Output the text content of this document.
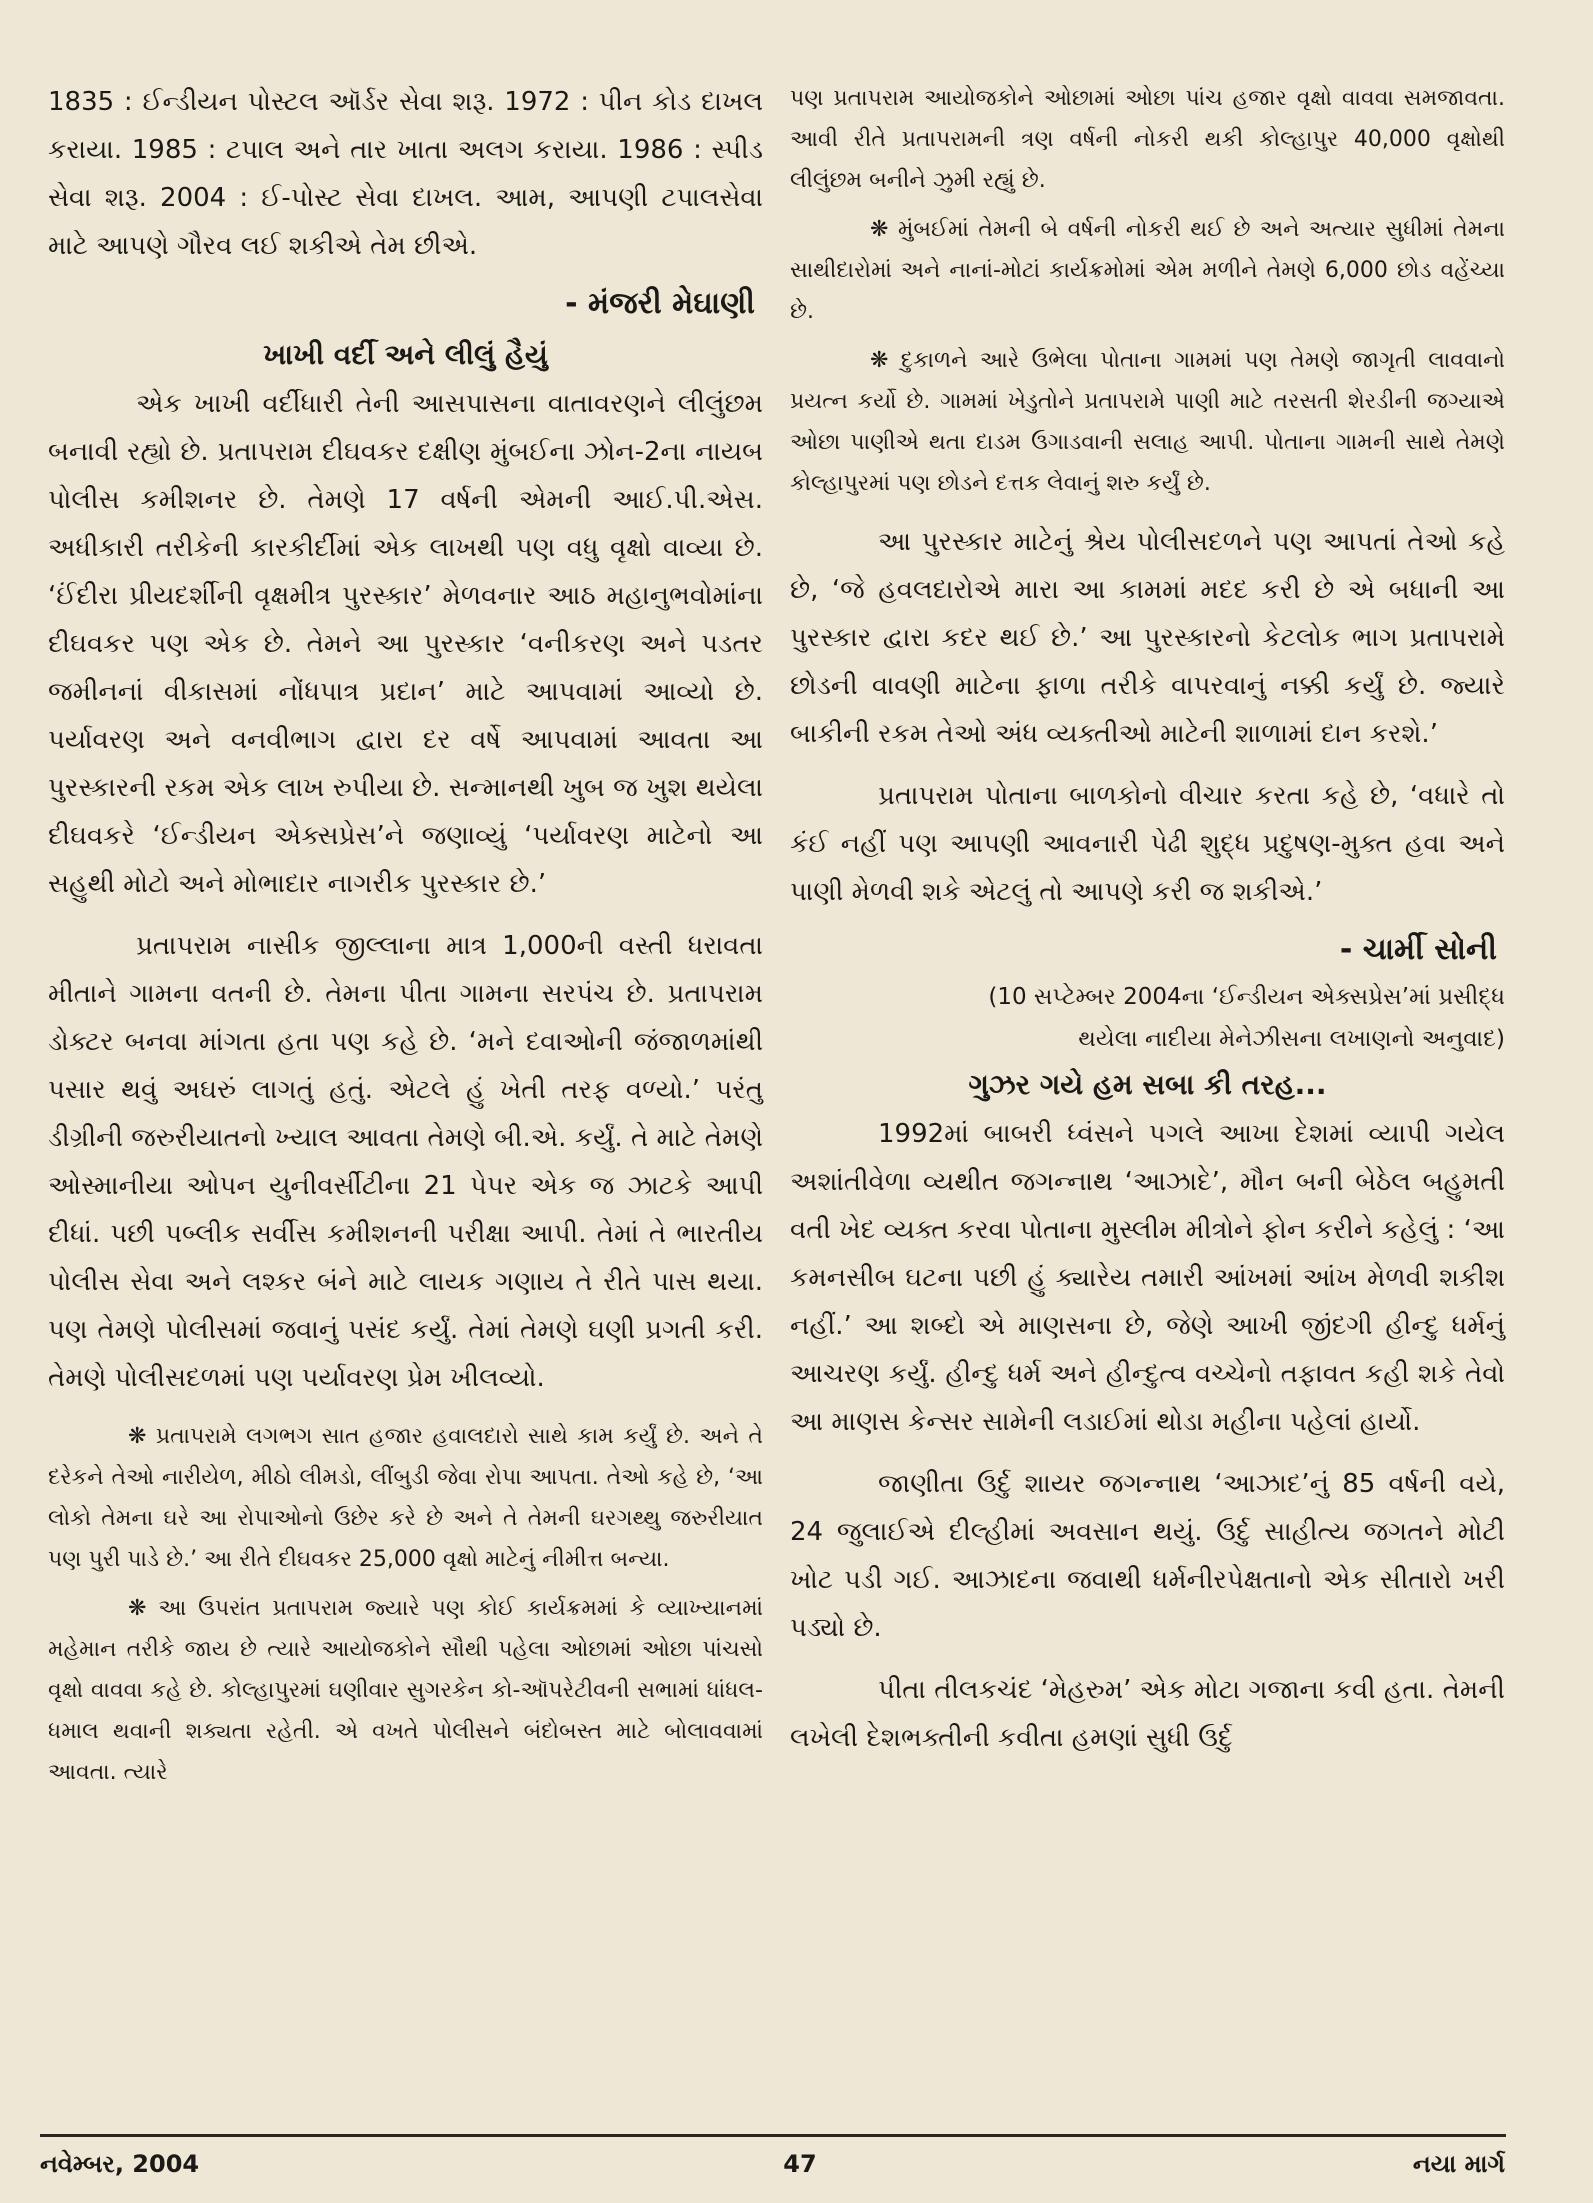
1835 : ઈન્ડીયન પોસ્ટલ ઑર્ડર સેવા શરૂ. 1972 : પીન કોડ દાખલ કરાયા. 1985 : ટપાલ અને તાર ખાતા અલગ કરાયા. 1986 : સ્પીડ સેવા શરૂ. 2004 : ઈ-પોસ્ટ સેવા દાખલ. આમ, આપણી ટપાલસેવા માટે આપણે ગૌરવ લઈ શકીએ તેમ છીએ.

- મંજરી મેઘાણી

ખાખી વર્દી અને લીલું હૈયું

એક ખાખી વર્દીધારી તેની આસપાસના વાતાવરણને લીલુંછમ બનાવી રહ્યો છે. પ્રતાપરામ દીઘવકર દક્ષીણ મુંબઈના ઝોન-2ના નાયબ પોલીસ કમીશનર છે. તેમણે 17 વર્ષની એમની આઈ.પી.એસ. અધીકારી તરીકેની કારકીર્દીમાં એક લાખથી પણ વધુ વૃક્ષો વાવ્યા છે. ‘ઈંદીરા પ્રીયદર્શીની વૃક્ષમીત્ર પુરસ્કાર’ મેળવનાર આઠ મહાનુભવોમાંના દીઘવકર પણ એક છે. તેમને આ પુરસ્કાર ‘વનીકરણ અને પડતર જમીનનાં વીકાસમાં નોંધપાત્ર પ્રદાન’ માટે આપવામાં આવ્યો છે. પર્યાવરણ અને વનવીભાગ દ્વારા દર વર્ષે આપવામાં આવતા આ પુરસ્કારની રકમ એક લાખ રુપીયા છે. સન્માનથી ખુબ જ ખુશ થયેલા દીઘવકરે ‘ઈન્ડીયન એક્સપ્રેસ’ને જણાવ્યું ‘પર્યાવરણ માટેનો આ સહુથી મોટો અને મોભાદાર નાગરીક પુરસ્કાર છે.’

પ્રતાપરામ નાસીક જીલ્લાના માત્ર 1,000ની વસ્તી ધરાવતા મીતાને ગામના વતની છે. તેમના પીતા ગામના સરપંચ છે. પ્રતાપરામ ડોક્ટર બનવા માંગતા હતા પણ કહે છે. ‘મને દવાઓની જંજાળમાંથી પસાર થવું અઘરું લાગતું હતું. એટલે હું ખેતી તરફ વળ્યો.’ પરંતુ ડીગ્રીની જરુરીયાતનો ખ્યાલ આવતા તેમણે બી.એ. કર્યું. તે માટે તેમણે ઓસ્માનીયા ઓપન યુનીવર્સીટીના 21 પેપર એક જ ઝાટકે આપી દીધાં. પછી પબ્લીક સર્વીસ કમીશનની પરીક્ષા આપી. તેમાં તે ભારતીય પોલીસ સેવા અને લશ્કર બંને માટે લાયક ગણાય તે રીતે પાસ થયા. પણ તેમણે પોલીસમાં જવાનું પસંદ કર્યું. તેમાં તેમણે ઘણી પ્રગતી કરી. તેમણે પોલીસદળમાં પણ પર્યાવરણ પ્રેમ ખીલવ્યો.

❋ પ્રતાપરામે લગભગ સાત હજાર હવાલદારો સાથે કામ કર્યું છે. અને તે દરેકને તેઓ નારીયેળ, મીઠો લીમડો, લીંબુડી જેવા રોપા આપતા. તેઓ કહે છે, ‘આ લોકો તેમના ઘરે આ રોપાઓનો ઉછેર કરે છે અને તે તેમની ઘરગથ્થુ જરુરીયાત પણ પુરી પાડે છે.’ આ રીતે દીઘવકર 25,000 વૃક્ષો માટેનું નીમીત્ત બન્યા.

❋ આ ઉપરાંત પ્રતાપરામ જ્યારે પણ કોઈ કાર્યક્રમમાં કે વ્યાખ્યાનમાં મહેમાન તરીકે જાય છે ત્યારે આયોજકોને સૌથી પહેલા ઓછામાં ઓછા પાંચસો વૃક્ષો વાવવા કહે છે. કોલ્હાપુરમાં ઘણીવાર સુગરકેન કો-ઑપરેટીવની સભામાં ધાંધલ-ધમાલ થવાની શક્યતા રહેતી. એ વખતે પોલીસને બંદોબસ્ત માટે બોલાવવામાં આવતા. ત્યારે

પણ પ્રતાપરામ આયોજકોને ઓછામાં ઓછા પાંચ હજાર વૃક્ષો વાવવા સમજાવતા. આવી રીતે પ્રતાપરામની ત્રણ વર્ષની નોકરી થકી કોલ્હાપુર 40,000 વૃક્ષોથી લીલુંછમ બનીને ઝુમી રહ્યું છે.

❋ મુંબઈમાં તેમની બે વર્ષની નોકરી થઈ છે અને અત્યાર સુધીમાં તેમના સાથીદારોમાં અને નાનાં-મોટાં કાર્યક્રમોમાં એમ મળીને તેમણે 6,000 છોડ વહેંચ્યા છે.

❋ દુકાળને આરે ઉભેલા પોતાના ગામમાં પણ તેમણે જાગૃતી લાવવાનો પ્રયત્ન કર્યો છે. ગામમાં ખેડુતોને પ્રતાપરામે પાણી માટે તરસતી શેરડીની જગ્યાએ ઓછા પાણીએ થતા દાડમ ઉગાડવાની સલાહ આપી. પોતાના ગામની સાથે તેમણે કોલ્હાપુરમાં પણ છોડને દત્તક લેવાનું શરુ કર્યું છે.

આ પુરસ્કાર માટેનું શ્રેય પોલીસદળને પણ આપતાં તેઓ કહે છે, ‘જે હવલદારોએ મારા આ કામમાં મદદ કરી છે એ બધાની આ પુરસ્કાર દ્વારા કદર થઈ છે.’ આ પુરસ્કારનો કેટલોક ભાગ પ્રતાપરામે છોડની વાવણી માટેના ફાળા તરીકે વાપરવાનું નક્કી કર્યું છે. જ્યારે બાકીની રકમ તેઓ અંધ વ્યક્તીઓ માટેની શાળામાં દાન કરશે.’

પ્રતાપરામ પોતાના બાળકોનો વીચાર કરતા કહે છે, ‘વધારે તો કંઈ નહીં પણ આપણી આવનારી પેઢી શુદ્ધ પ્રદુષણ-મુક્ત હવા અને પાણી મેળવી શકે એટલું તો આપણે કરી જ શકીએ.’

- ચાર્મી સોની

(10 સપ્ટેમ્બર 2004ના ‘ઈન્ડીયન એક્સપ્રેસ’માં પ્રસીદ્ધ

થયેલા નાદીયા મેનેઝીસના લખાણનો અનુવાદ)

ગુઝર ગયે હમ સબા કી તરહ...

1992માં બાબરી ધ્વંસને પગલે આખા દેશમાં વ્યાપી ગયેલ અશાંતીવેળા વ્યથીત જગન્નાથ ‘આઝાદે’, મૌન બની બેઠેલ બહુમતી વતી ખેદ વ્યક્ત કરવા પોતાના મુસ્લીમ મીત્રોને ફોન કરીને કહેલું : ‘આ કમનસીબ ઘટના પછી હું ક્યારેય તમારી આંખમાં આંખ મેળવી શકીશ નહીં.’ આ શબ્દો એ માણસના છે, જેણે આખી જીંદગી હીન્દુ ધર્મનું આચરણ કર્યું. હીન્દુ ધર્મ અને હીન્દુત્વ વચ્ચેનો તફાવત કહી શકે તેવો આ માણસ કેન્સર સામેની લડાઈમાં થોડા મહીના પહેલાં હાર્યો.

જાણીતા ઉર્દુ શાયર જગન્નાથ ‘આઝાદ’નું 85 વર્ષની વયે, 24 જુલાઈએ દીલ્હીમાં અવસાન થયું. ઉર્દુ સાહીત્ય જગતને મોટી ખોટ પડી ગઈ. આઝાદના જવાથી ધર્મનીરપેક્ષતાનો એક સીતારો ખરી પડ્યો છે.

પીતા તીલકચંદ ‘મેહરુમ’ એક મોટા ગજાના કવી હતા. તેમની લખેલી દેશભક્તીની કવીતા હમણાં સુધી ઉર્દુ

નવેમ્બર, 2004	47	નયા માર્ગ
